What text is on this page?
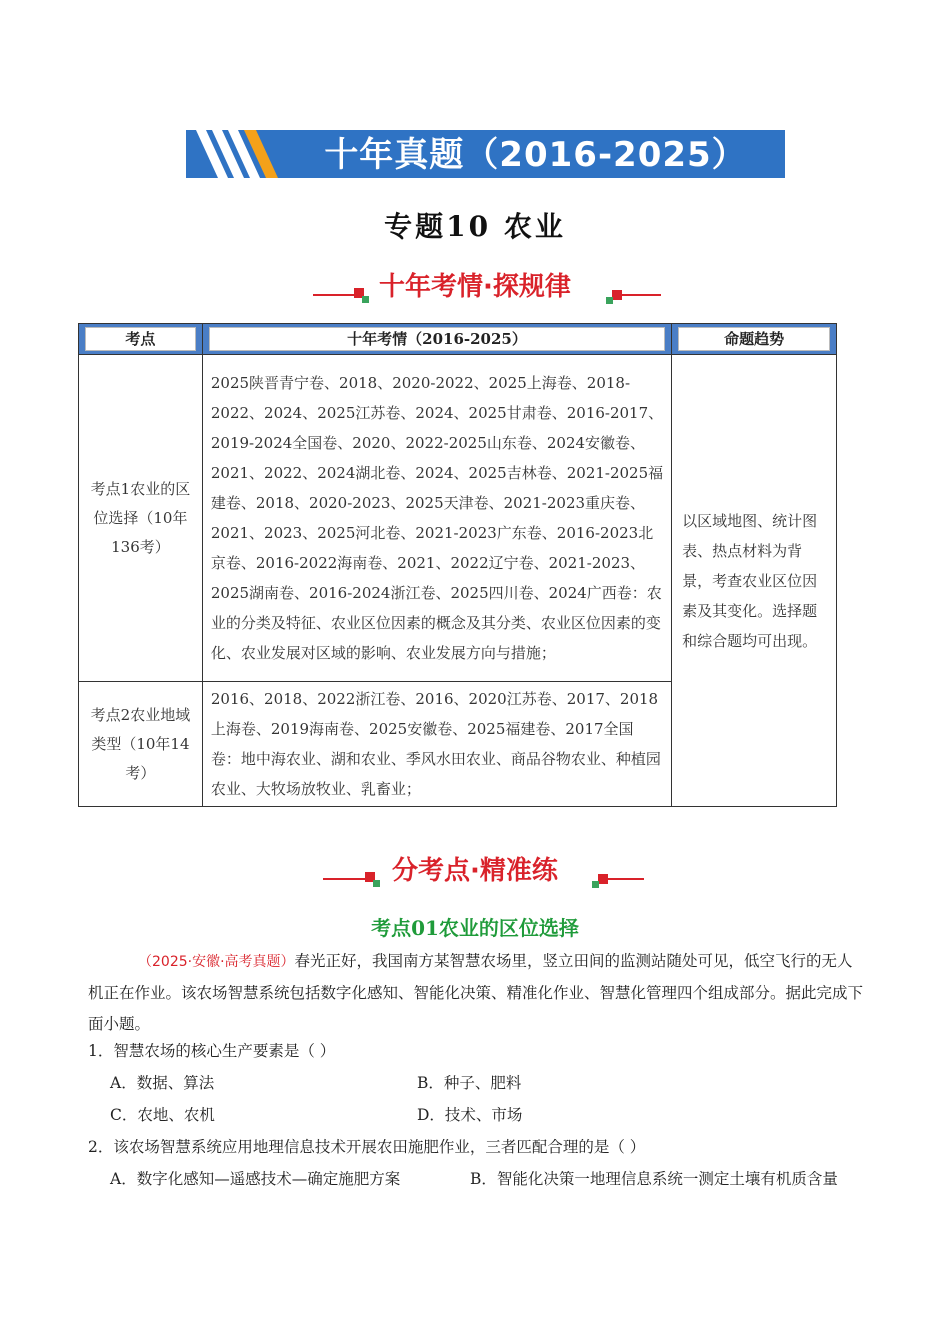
十年真题（2016-2025）
专题10 农业
十年考情·探规律
考点	十年考情（2016-2025）	命题趋势

考点1农业的区位选择（10年136考）	2025陕晋青宁卷、2018、2020-2022、2025上海卷、2018-2022、2024、2025江苏卷、2024、2025甘肃卷、2016-2017、2019-2024全国卷、2020、2022-2025山东卷、2024安徽卷、2021、2022、2024湖北卷、2024、2025吉林卷、2021-2025福建卷、2018、2020-2023、2025天津卷、2021-2023重庆卷、2021、2023、2025河北卷、2021-2023广东卷、2016-2023北京卷、2016-2022海南卷、2021、2022辽宁卷、2021-2023、2025湖南卷、2016-2024浙江卷、2025四川卷、2024广西卷：农业的分类及特征、农业区位因素的概念及其分类、农业区位因素的变化、农业发展对区域的影响、农业发展方向与措施；	以区域地图、统计图表、热点材料为背景，考查农业区位因素及其变化。选择题和综合题均可出现。
考点2农业地域类型（10年14考）	2016、2018、2022浙江卷、2016、2020江苏卷、2017、2018上海卷、2019海南卷、2025安徽卷、2025福建卷、2017全国卷：地中海农业、湖和农业、季风水田农业、商品谷物农业、种植园农业、大牧场放牧业、乳畜业；	
分考点·精准练
考点01农业的区位选择
（2025·安徽·高考真题）春光正好，我国南方某智慧农场里，竖立田间的监测站随处可见，低空飞行的无人机正在作业。该农场智慧系统包括数字化感知、智能化决策、精准化作业、智慧化管理四个组成部分。据此完成下面小题。
1．智慧农场的核心生产要素是（ ）
A．数据、算法	B．种子、肥料
C．农地、农机	D．技术、市场
2．该农场智慧系统应用地理信息技术开展农田施肥作业，三者匹配合理的是（ ）
A．数字化感知—遥感技术—确定施肥方案	B．智能化决策一地理信息系统一测定土壤有机质含量
